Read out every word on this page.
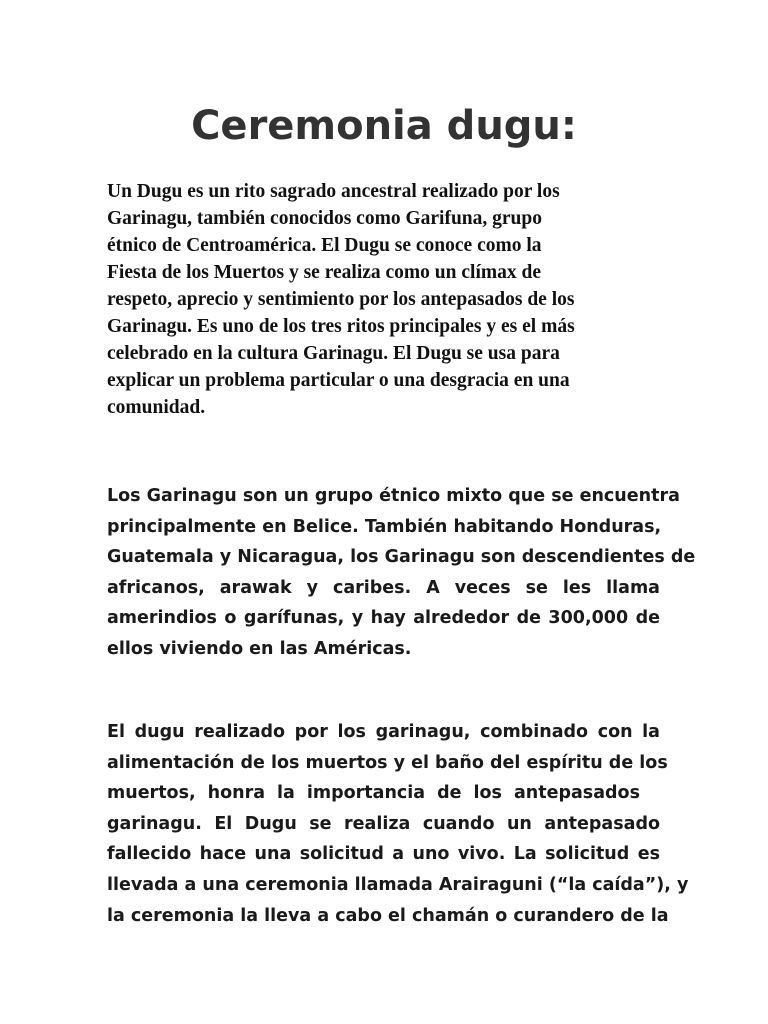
Ceremonia dugu:
Un Dugu es un rito sagrado ancestral realizado por los
Garinagu, también conocidos como Garifuna, grupo
étnico de Centroamérica. El Dugu se conoce como la
Fiesta de los Muertos y se realiza como un clímax de
respeto, aprecio y sentimiento por los antepasados de los
Garinagu. Es uno de los tres ritos principales y es el más
celebrado en la cultura Garinagu. El Dugu se usa para
explicar un problema particular o una desgracia en una
comunidad.
Los Garinagu son un grupo étnico mixto que se encuentra
principalmente en Belice. También habitando Honduras,
Guatemala y Nicaragua, los Garinagu son descendientes de
africanos, arawak y caribes. A veces se les llama
amerindios o garífunas, y hay alrededor de 300,000 de
ellos viviendo en las Américas.
El dugu realizado por los garinagu, combinado con la
alimentación de los muertos y el baño del espíritu de los
muertos, honra la importancia de los antepasados
garinagu. El Dugu se realiza cuando un antepasado
fallecido hace una solicitud a uno vivo. La solicitud es
llevada a una ceremonia llamada Arairaguni (“la caída”), y
la ceremonia la lleva a cabo el chamán o curandero de la
